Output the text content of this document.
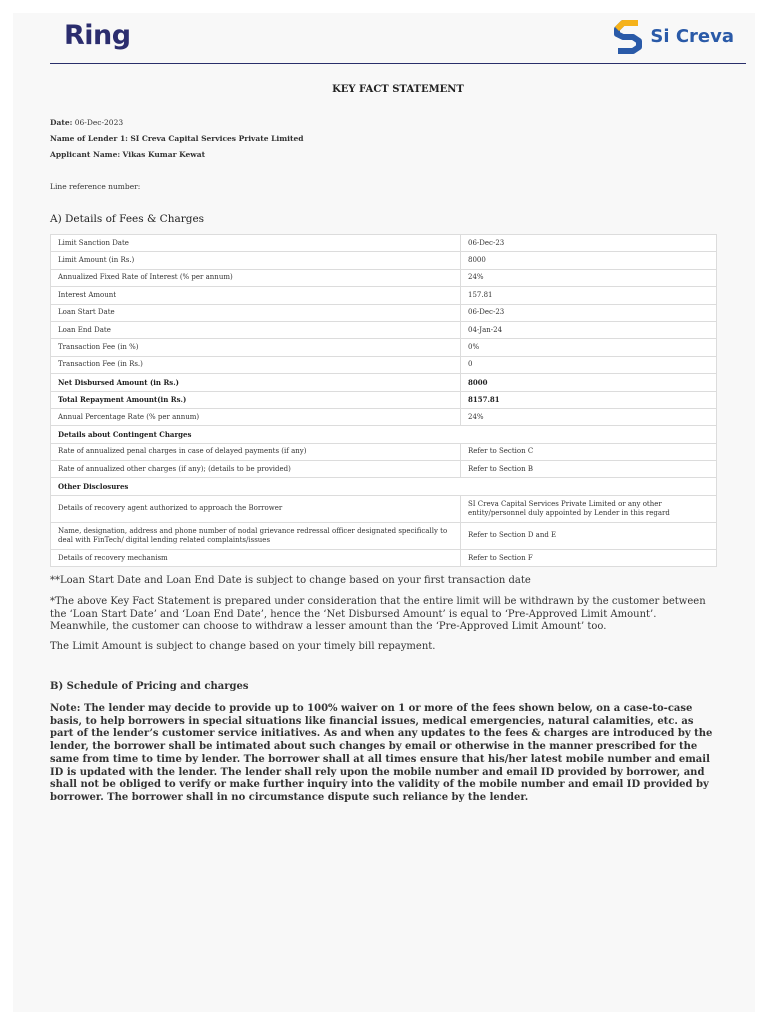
Ring	Si Creva
KEY FACT STATEMENT
Date: 06-Dec-2023
Name of Lender 1: SI Creva Capital Services Private Limited
Applicant Name: Vikas Kumar Kewat
Line reference number:
A) Details of Fees & Charges
Limit Sanction Date	06-Dec-23
Limit Amount (in Rs.)	8000
Annualized Fixed Rate of Interest (% per annum)	24%
Interest Amount	157.81
Loan Start Date	06-Dec-23
Loan End Date	04-Jan-24
Transaction Fee (in %)	0%
Transaction Fee (in Rs.)	0
Net Disbursed Amount (in Rs.)	8000
Total Repayment Amount(in Rs.)	8157.81
Annual Percentage Rate (% per annum)	24%
Details about Contingent Charges	
Rate of annualized penal charges in case of delayed payments (if any)	Refer to Section C
Rate of annualized other charges (if any); (details to be provided)	Refer to Section B
Other Disclosures	
Details of recovery agent authorized to approach the Borrower	SI Creva Capital Services Private Limited or any other entity/personnel duly appointed by Lender in this regard
Name, designation, address and phone number of nodal grievance redressal officer designated specifically to deal with FinTech/ digital lending related complaints/issues	Refer to Section D and E
Details of recovery mechanism	Refer to Section F
**Loan Start Date and Loan End Date is subject to change based on your first transaction date
*The above Key Fact Statement is prepared under consideration that the entire limit will be withdrawn by the customer between the ‘Loan Start Date’ and ‘Loan End Date’, hence the ‘Net Disbursed Amount’ is equal to ‘Pre-Approved Limit Amount’. Meanwhile, the customer can choose to withdraw a lesser amount than the ‘Pre-Approved Limit Amount’ too.
The Limit Amount is subject to change based on your timely bill repayment.
B) Schedule of Pricing and charges
Note: The lender may decide to provide up to 100% waiver on 1 or more of the fees shown below, on a case-to-case basis, to help borrowers in special situations like financial issues, medical emergencies, natural calamities, etc. as part of the lender’s customer service initiatives. As and when any updates to the fees & charges are introduced by the lender, the borrower shall be intimated about such changes by email or otherwise in the manner prescribed for the same from time to time by lender. The borrower shall at all times ensure that his/her latest mobile number and email ID is updated with the lender. The lender shall rely upon the mobile number and email ID provided by borrower, and shall not be obliged to verify or make further inquiry into the validity of the mobile number and email ID provided by borrower. The borrower shall in no circumstance dispute such reliance by the lender.
